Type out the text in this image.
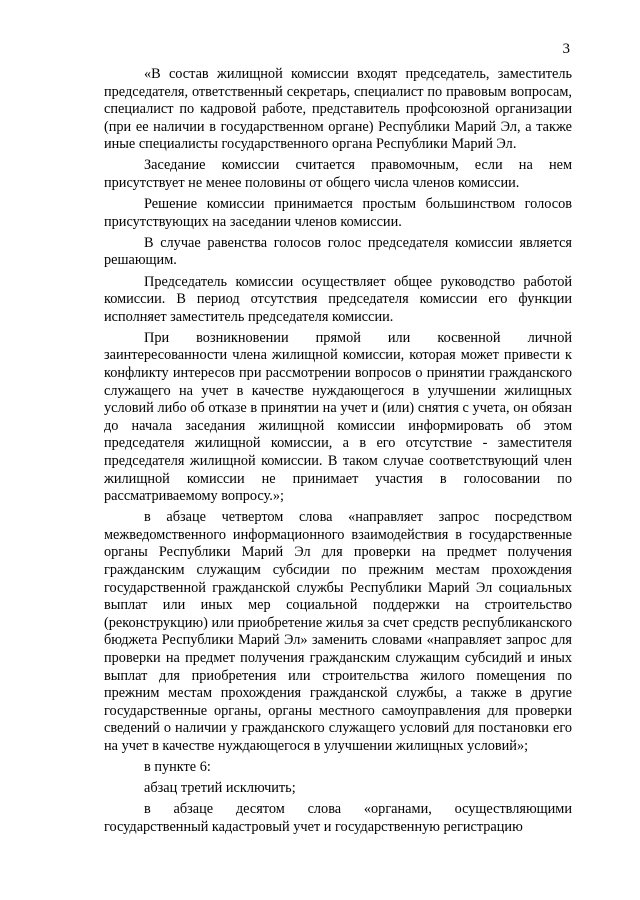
3

«В состав жилищной комиссии входят председатель, заместитель председателя, ответственный секретарь, специалист по правовым вопросам, специалист по кадровой работе, представитель профсоюзной организации (при ее наличии в государственном органе) Республики Марий Эл, а также иные специалисты государственного органа Республики Марий Эл.

Заседание комиссии считается правомочным, если на нем присутствует не менее половины от общего числа членов комиссии.

Решение комиссии принимается простым большинством голосов присутствующих на заседании членов комиссии.

В случае равенства голосов голос председателя комиссии является решающим.

Председатель комиссии осуществляет общее руководство работой комиссии. В период отсутствия председателя комиссии его функции исполняет заместитель председателя комиссии.

При возникновении прямой или косвенной личной заинтересованности члена жилищной комиссии, которая может привести к конфликту интересов при рассмотрении вопросов о принятии гражданского служащего на учет в качестве нуждающегося в улучшении жилищных условий либо об отказе в принятии на учет и (или) снятия с учета, он обязан до начала заседания жилищной комиссии информировать об этом председателя жилищной комиссии, а в его отсутствие - заместителя председателя жилищной комиссии. В таком случае соответствующий член жилищной комиссии не принимает участия в голосовании по рассматриваемому вопросу.»;

в абзаце четвертом слова «направляет запрос посредством межведомственного информационного взаимодействия в государственные органы Республики Марий Эл для проверки на предмет получения гражданским служащим субсидии по прежним местам прохождения государственной гражданской службы Республики Марий Эл социальных выплат или иных мер социальной поддержки на строительство (реконструкцию) или приобретение жилья за счет средств республиканского бюджета Республики Марий Эл» заменить словами «направляет запрос для проверки на предмет получения гражданским служащим субсидий и иных выплат для приобретения или строительства жилого помещения по прежним местам прохождения гражданской службы, а также в другие государственные органы, органы местного самоуправления для проверки сведений о наличии у гражданского служащего условий для постановки его на учет в качестве нуждающегося в улучшении жилищных условий»;

в пункте 6:

абзац третий исключить;

в абзаце десятом слова «органами, осуществляющими государственный кадастровый учет и государственную регистрацию
